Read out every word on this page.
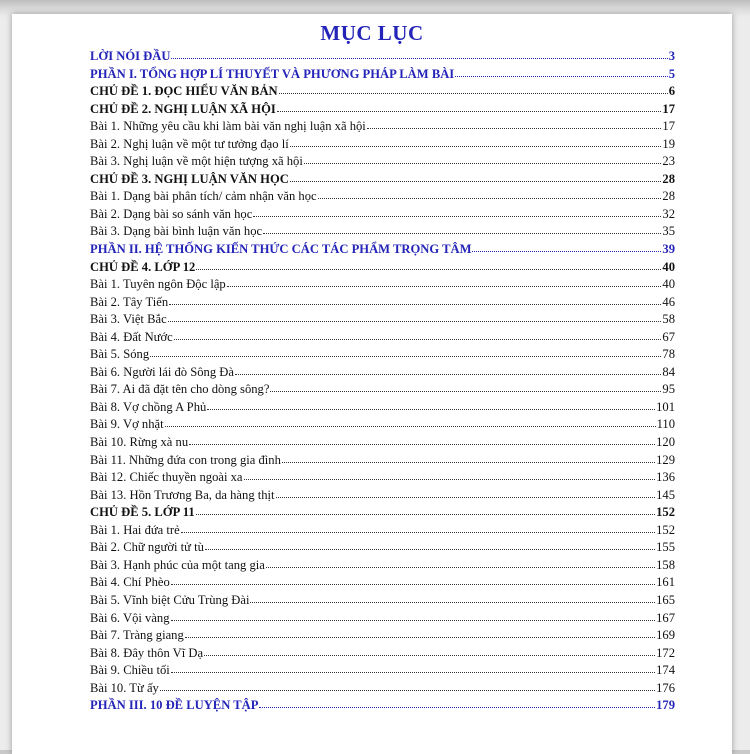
MỤC LỤC
LỜI NÓI ĐẦU	3
PHẦN I. TỔNG HỢP LÍ THUYẾT VÀ PHƯƠNG PHÁP LÀM BÀI	5
CHỦ ĐỀ 1. ĐỌC HIỂU VĂN BẢN	6
CHỦ ĐỀ 2. NGHỊ LUẬN XÃ HỘI	17
Bài 1. Những yêu cầu khi làm bài văn nghị luận xã hội	17
Bài 2. Nghị luận về một tư tưởng đạo lí	19
Bài 3. Nghị luận về một hiện tượng xã hội	23
CHỦ ĐỀ 3. NGHỊ LUẬN VĂN HỌC	28
Bài 1. Dạng bài phân tích/ cảm nhận văn học	28
Bài 2. Dạng bài so sánh văn học	32
Bài 3. Dạng bài bình luận văn học	35
PHẦN II. HỆ THỐNG KIẾN THỨC CÁC TÁC PHẨM TRỌNG TÂM	39
CHỦ ĐỀ 4. LỚP 12	40
Bài 1. Tuyên ngôn Độc lập	40
Bài 2. Tây Tiến	46
Bài 3. Việt Bắc	58
Bài 4. Đất Nước	67
Bài 5. Sóng	78
Bài 6. Người lái đò Sông Đà	84
Bài 7. Ai đã đặt tên cho dòng sông?	95
Bài 8. Vợ chồng A Phủ	101
Bài 9. Vợ nhặt	110
Bài 10. Rừng xà nu	120
Bài 11. Những đứa con trong gia đình	129
Bài 12. Chiếc thuyền ngoài xa	136
Bài 13. Hồn Trương Ba, da hàng thịt	145
CHỦ ĐỀ 5. LỚP 11	152
Bài 1. Hai đứa trẻ	152
Bài 2. Chữ người tử tù	155
Bài 3. Hạnh phúc của một tang gia	158
Bài 4. Chí Phèo	161
Bài 5. Vĩnh biệt Cửu Trùng Đài	165
Bài 6. Vội vàng	167
Bài 7. Tràng giang	169
Bài 8. Đây thôn Vĩ Dạ	172
Bài 9. Chiều tối	174
Bài 10. Từ ấy	176
PHẦN III. 10 ĐỀ LUYỆN TẬP	179
